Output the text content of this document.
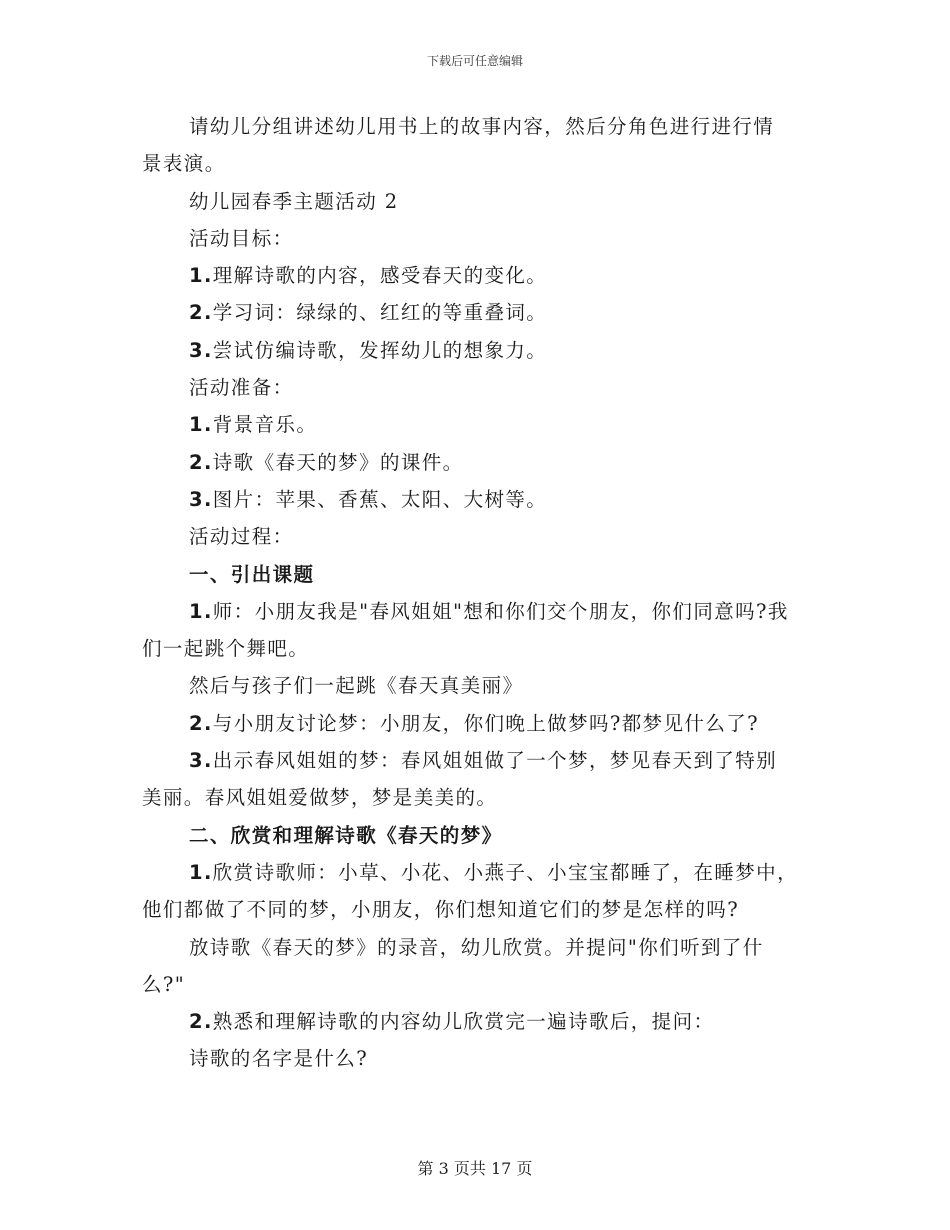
下载后可任意编辑
请幼儿分组讲述幼儿用书上的故事内容，然后分角色进行进行情
景表演。
幼儿园春季主题活动 2
活动目标：
1.理解诗歌的内容，感受春天的变化。
2.学习词：绿绿的、红红的等重叠词。
3.尝试仿编诗歌，发挥幼儿的想象力。
活动准备：
1.背景音乐。
2.诗歌《春天的梦》的课件。
3.图片：苹果、香蕉、太阳、大树等。
活动过程：
一、引出课题
1.师：小朋友我是"春风姐姐"想和你们交个朋友，你们同意吗?我
们一起跳个舞吧。
然后与孩子们一起跳《春天真美丽》
2.与小朋友讨论梦：小朋友，你们晚上做梦吗?都梦见什么了?
3.出示春风姐姐的梦：春风姐姐做了一个梦，梦见春天到了特别
美丽。春风姐姐爱做梦，梦是美美的。
二、欣赏和理解诗歌《春天的梦》
1.欣赏诗歌师：小草、小花、小燕子、小宝宝都睡了，在睡梦中，
他们都做了不同的梦，小朋友，你们想知道它们的梦是怎样的吗?
放诗歌《春天的梦》的录音，幼儿欣赏。并提问"你们听到了什
么?"
2.熟悉和理解诗歌的内容幼儿欣赏完一遍诗歌后，提问：
诗歌的名字是什么?
第 3 页共 17 页
